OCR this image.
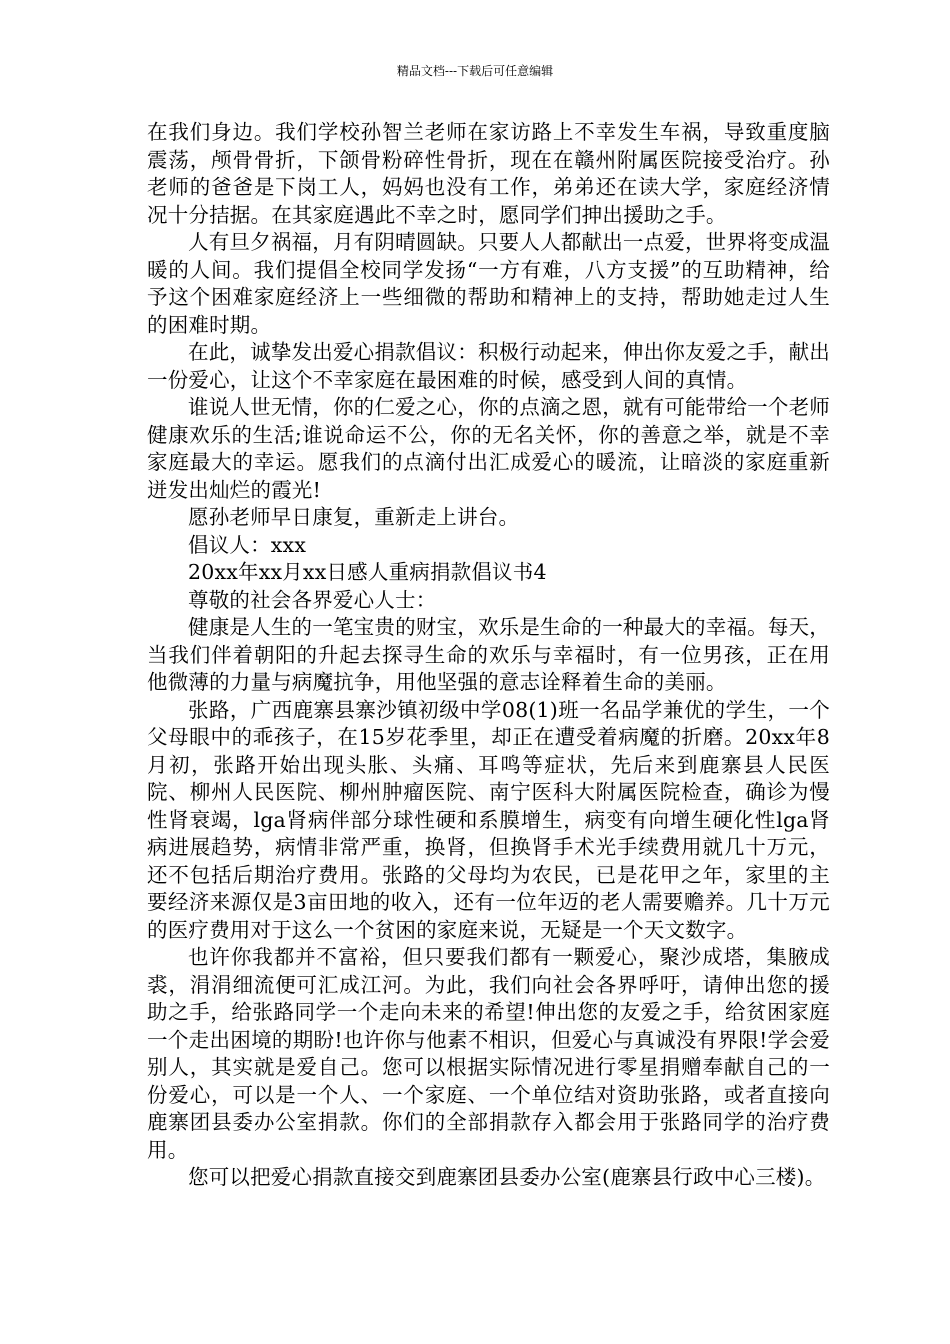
精品文档---下载后可任意编辑

在我们身边。我们学校孙智兰老师在家访路上不幸发生车祸，导致重度脑震荡，颅骨骨折，下颌骨粉碎性骨折，现在在赣州附属医院接受治疗。孙老师的爸爸是下岗工人，妈妈也没有工作，弟弟还在读大学，家庭经济情况十分拮据。在其家庭遇此不幸之时，愿同学们抻出援助之手。

人有旦夕祸福，月有阴晴圆缺。只要人人都献出一点爱，世界将变成温暖的人间。我们提倡全校同学发扬“一方有难，八方支援”的互助精神，给予这个困难家庭经济上一些细微的帮助和精神上的支持，帮助她走过人生的困难时期。

在此，诚挚发出爱心捐款倡议：积极行动起来，伸出你友爱之手，献出一份爱心，让这个不幸家庭在最困难的时候，感受到人间的真情。

谁说人世无情，你的仁爱之心，你的点滴之恩，就有可能带给一个老师健康欢乐的生活;谁说命运不公，你的无名关怀，你的善意之举，就是不幸家庭最大的幸运。愿我们的点滴付出汇成爱心的暖流，让暗淡的家庭重新迸发出灿烂的霞光!

愿孙老师早日康复，重新走上讲台。

倡议人：xxx

20xx年xx月xx日感人重病捐款倡议书4

尊敬的社会各界爱心人士：

健康是人生的一笔宝贵的财宝，欢乐是生命的一种最大的幸福。每天，当我们伴着朝阳的升起去探寻生命的欢乐与幸福时，有一位男孩，正在用他微薄的力量与病魔抗争，用他坚强的意志诠释着生命的美丽。

张路，广西鹿寨县寨沙镇初级中学08(1)班一名品学兼优的学生，一个父母眼中的乖孩子，在15岁花季里，却正在遭受着病魔的折磨。20xx年8月初，张路开始出现头胀、头痛、耳鸣等症状，先后来到鹿寨县人民医院、柳州人民医院、柳州肿瘤医院、南宁医科大附属医院检查，确诊为慢性肾衰竭，lga肾病伴部分球性硬和系膜增生，病变有向增生硬化性lga肾病进展趋势，病情非常严重，换肾，但换肾手术光手续费用就几十万元，还不包括后期治疗费用。张路的父母均为农民，已是花甲之年，家里的主要经济来源仅是3亩田地的收入，还有一位年迈的老人需要赡养。几十万元的医疗费用对于这么一个贫困的家庭来说，无疑是一个天文数字。

也许你我都并不富裕，但只要我们都有一颗爱心，聚沙成塔，集腋成裘，涓涓细流便可汇成江河。为此，我们向社会各界呼吁，请伸出您的援助之手，给张路同学一个走向未来的希望!伸出您的友爱之手，给贫困家庭一个走出困境的期盼!也许你与他素不相识，但爱心与真诚没有界限!学会爱别人，其实就是爱自己。您可以根据实际情况进行零星捐赠奉献自己的一份爱心，可以是一个人、一个家庭、一个单位结对资助张路，或者直接向鹿寨团县委办公室捐款。你们的全部捐款存入都会用于张路同学的治疗费用。

您可以把爱心捐款直接交到鹿寨团县委办公室(鹿寨县行政中心三楼)。
